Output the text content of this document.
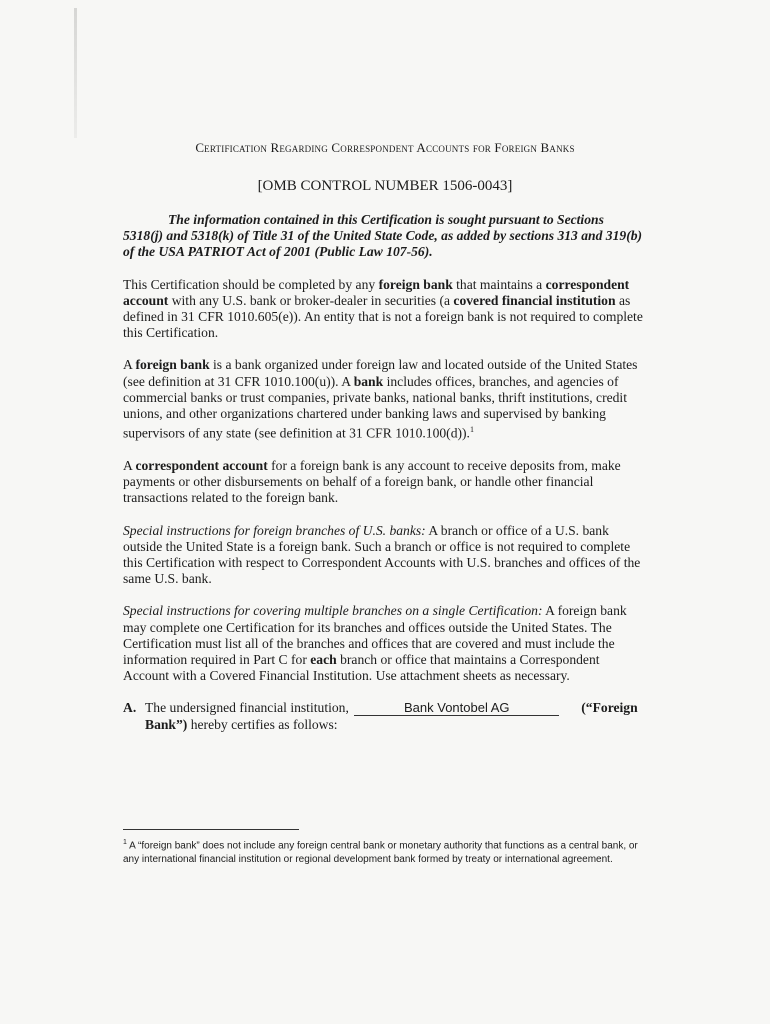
Certification Regarding Correspondent Accounts for Foreign Banks
[OMB CONTROL NUMBER 1506-0043]

The information contained in this Certification is sought pursuant to Sections 5318(j) and 5318(k) of Title 31 of the United State Code, as added by sections 313 and 319(b) of the USA PATRIOT Act of 2001 (Public Law 107-56).

This Certification should be completed by any foreign bank that maintains a correspondent account with any U.S. bank or broker-dealer in securities (a covered financial institution as defined in 31 CFR 1010.605(e)). An entity that is not a foreign bank is not required to complete this Certification.

A foreign bank is a bank organized under foreign law and located outside of the United States (see definition at 31 CFR 1010.100(u)). A bank includes offices, branches, and agencies of commercial banks or trust companies, private banks, national banks, thrift institutions, credit unions, and other organizations chartered under banking laws and supervised by banking supervisors of any state (see definition at 31 CFR 1010.100(d)).$^1$

A correspondent account for a foreign bank is any account to receive deposits from, make payments or other disbursements on behalf of a foreign bank, or handle other financial transactions related to the foreign bank.

Special instructions for foreign branches of U.S. banks: A branch or office of a U.S. bank outside the United State is a foreign bank. Such a branch or office is not required to complete this Certification with respect to Correspondent Accounts with U.S. branches and offices of the same U.S. bank.

Special instructions for covering multiple branches on a single Certification: A foreign bank may complete one Certification for its branches and offices outside the United States. The Certification must list all of the branches and offices that are covered and must include the information required in Part C for each branch or office that maintains a Correspondent Account with a Covered Financial Institution. Use attachment sheets as necessary.

A. The undersigned financial institution,	Bank Vontobel AG	(“Foreign Bank”) hereby certifies as follows:
$^1$ A “foreign bank” does not include any foreign central bank or monetary authority that functions as a central bank, or any international financial institution or regional development bank formed by treaty or international agreement.
